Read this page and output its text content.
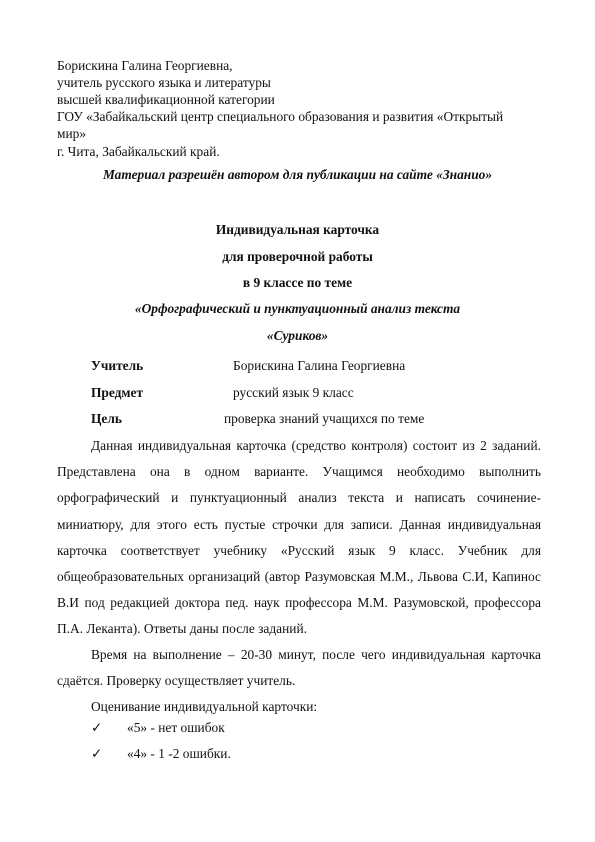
Борискина Галина Георгиевна,
учитель русского языка и литературы
высшей квалификационной категории
ГОУ «Забайкальский центр специального образования и развития «Открытый
мир»
г. Чита, Забайкальский край.
Материал разрешён автором для публикации на сайте «Знанио»
Индивидуальная карточка
для проверочной работы
в 9 классе по теме
«Орфографический и пунктуационный анализ текста
«Суриков»
Учитель	Борискина Галина Георгиевна
Предмет	русский язык 9 класс
Цель	проверка знаний учащихся по теме

Данная индивидуальная карточка (средство контроля) состоит из 2 заданий. Представлена она в одном варианте. Учащимся необходимо выполнить орфографический и пунктуационный анализ текста и написать сочинение-миниатюру, для этого есть пустые строчки для записи. Данная индивидуальная карточка соответствует учебнику «Русский язык 9 класс. Учебник для общеобразовательных организаций (автор Разумовская М.М., Львова С.И, Капинос В.И под редакцией доктора пед. наук профессора М.М. Разумовской, профессора П.А. Леканта). Ответы даны после заданий.

Время на выполнение – 20-30 минут, после чего индивидуальная карточка сдаётся. Проверку осуществляет учитель.

Оценивание индивидуальной карточки:

✓ «5» - нет ошибок
✓ «4» - 1 -2 ошибки.
